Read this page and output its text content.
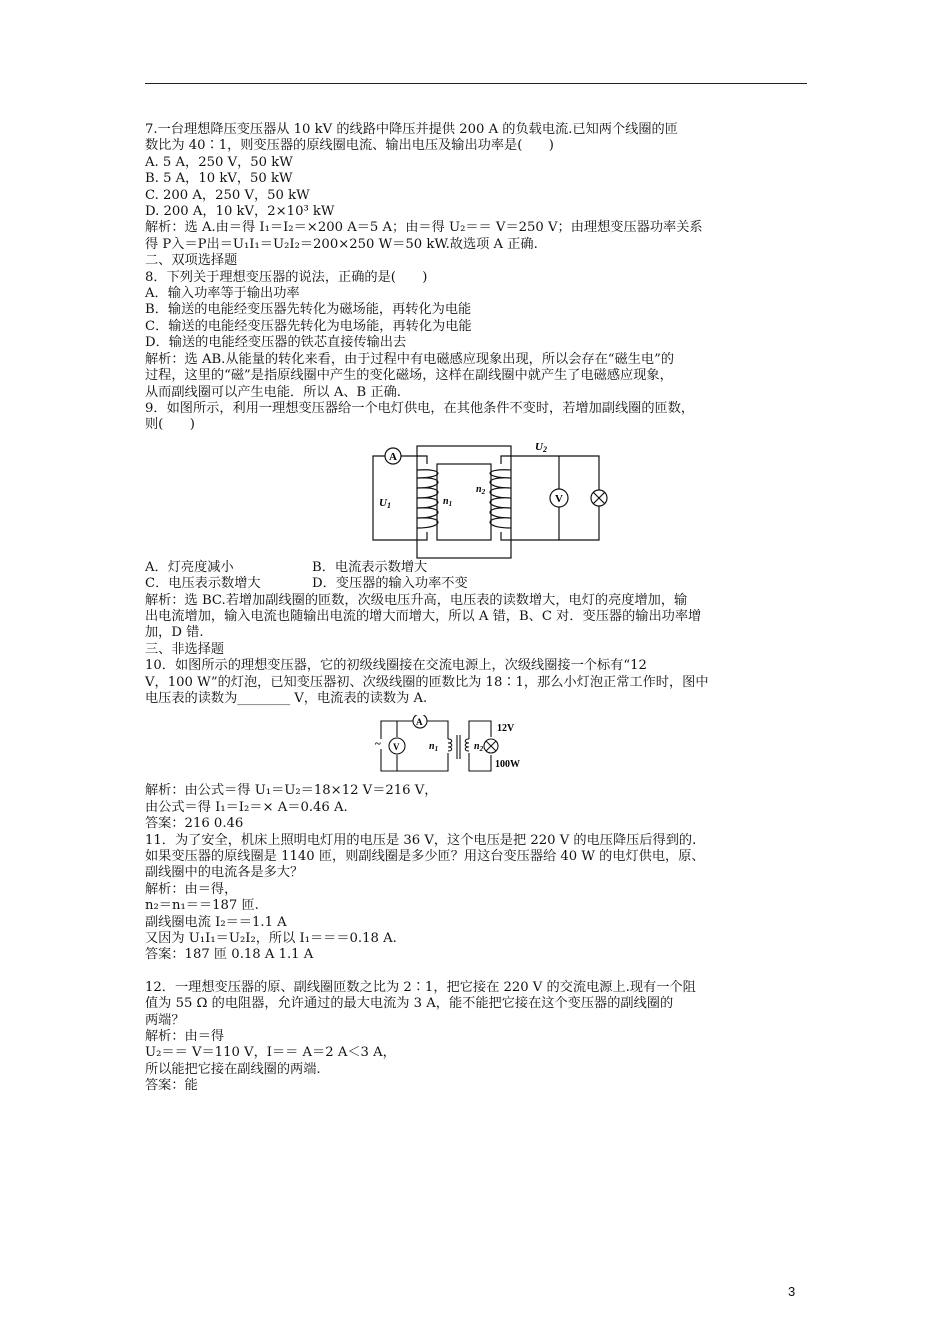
7.一台理想降压变压器从 10 kV 的线路中降压并提供 200 A 的负载电流.已知两个线圈的匝
数比为 40∶1，则变压器的原线圈电流、输出电压及输出功率是(　　)
A. 5 A，250 V，50 kW
B. 5 A，10 kV，50 kW
C. 200 A，250 V，50 kW
D. 200 A，10 kV，2×10³ kW
解析：选 A.由＝得 I₁＝I₂＝×200 A＝5 A；由＝得 U₂＝＝ V＝250 V；由理想变压器功率关系
得 P入＝P出＝U₁I₁＝U₂I₂＝200×250 W＝50 kW.故选项 A 正确.
二、双项选择题
8．下列关于理想变压器的说法，正确的是(　　)
A．输入功率等于输出功率
B．输送的电能经变压器先转化为磁场能，再转化为电能
C．输送的电能经变压器先转化为电场能，再转化为电能
D．输送的电能经变压器的铁芯直接传输出去
解析：选 AB.从能量的转化来看，由于过程中有电磁感应现象出现，所以会存在“磁生电”的
过程，这里的“磁”是指原线圈中产生的变化磁场，这样在副线圈中就产生了电磁感应现象，
从而副线圈可以产生电能．所以 A、B 正确.
9．如图所示，利用一理想变压器给一个电灯供电，在其他条件不变时，若增加副线圈的匝数，
则(　　)
A
V
U1
U2
$n_1$
$n_2$
A．灯亮度减小	B．电流表示数增大
C．电压表示数增大	D．变压器的输入功率不变
解析：选 BC.若增加副线圈的匝数，次级电压升高，电压表的读数增大，电灯的亮度增加，输
出电流增加，输入电流也随输出电流的增大而增大，所以 A 错，B、C 对．变压器的输出功率增
加，D 错.
三、非选择题
10．如图所示的理想变压器，它的初级线圈接在交流电源上，次级线圈接一个标有“12
V，100 W”的灯泡，已知变压器初、次级线圈的匝数比为 18∶1，那么小灯泡正常工作时，图中
电压表的读数为________ V，电流表的读数为 A.
~
A
V	$n_1$	$n_2$
12V
100W
解析：由公式＝得 U₁＝U₂＝18×12 V＝216 V，
由公式＝得 I₁＝I₂＝× A＝0.46 A.
答案：216 0.46
11．为了安全，机床上照明电灯用的电压是 36 V，这个电压是把 220 V 的电压降压后得到的.
如果变压器的原线圈是 1140 匝，则副线圈是多少匝？用这台变压器给 40 W 的电灯供电，原、
副线圈中的电流各是多大？
解析：由＝得，
n₂＝n₁＝＝187 匝.
副线圈电流 I₂＝＝1.1 A
又因为 U₁I₁＝U₂I₂，所以 I₁＝＝＝0.18 A.
答案：187 匝 0.18 A 1.1 A
12．一理想变压器的原、副线圈匝数之比为 2∶1，把它接在 220 V 的交流电源上.现有一个阻
值为 55 Ω 的电阻器，允许通过的最大电流为 3 A，能不能把它接在这个变压器的副线圈的
两端？
解析：由＝得
U₂＝＝ V＝110 V，I＝＝ A＝2 A＜3 A，
所以能把它接在副线圈的两端.
答案：能
3
